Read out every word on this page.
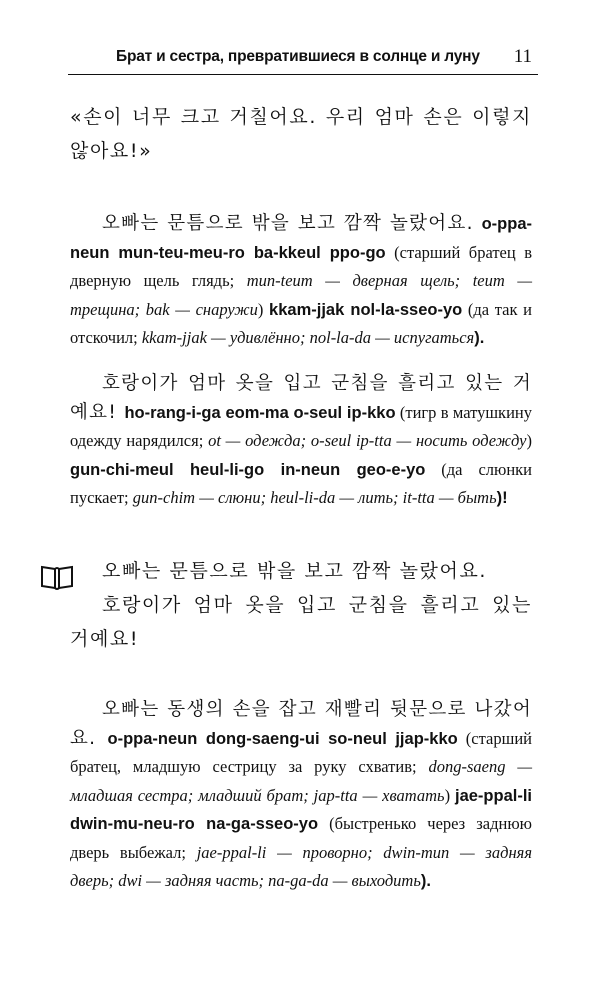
Брат и сестра, превратившиеся в солнце и луну 11
«손이 너무 크고 거칠어요. 우리 엄마 손은 이렇지 않아요!»
오빠는 문틈으로 밖을 보고 깜짝 놀랐어요. o-ppa-neun mun-teu-meu-ro ba-kkeul ppo-go (старший братец в дверную щель глядь; mun-teum — дверная щель; teum — трещина; bak — снаружи) kkam-jjak nol-la-sseo-yo (да так и отскочил; kkam-jjak — удивлённо; nol-la-da — испугаться).
호랑이가 엄마 옷을 입고 군침을 흘리고 있는 거예요! ho-rang-i-ga eom-ma o-seul ip-kko (тигр в матушкину одежду нарядился; ot — одежда; o-seul ip-tta — носить одежду) gun-chi-meul heul-li-go in-neun geo-e-yo (да слюнки пускает; gun-chim — слюни; heul-li-da — лить; it-tta — быть)!
오빠는 문틈으로 밖을 보고 깜짝 놀랐어요.
호랑이가 엄마 옷을 입고 군침을 흘리고 있는 거예요!
오빠는 동생의 손을 잡고 재빨리 뒷문으로 나갔어요. o-ppa-neun dong-saeng-ui so-neul jjap-kko (старший братец, младшую сестрицу за руку схватив; dong-saeng — младшая сестра; младший брат; jap-tta — хватать) jae-ppal-li dwin-mu-neu-ro na-ga-sseo-yo (быстренько через заднюю дверь выбежал; jae-ppal-li — проворно; dwin-mun — задняя дверь; dwi — задняя часть; na-ga-da — выходить).
